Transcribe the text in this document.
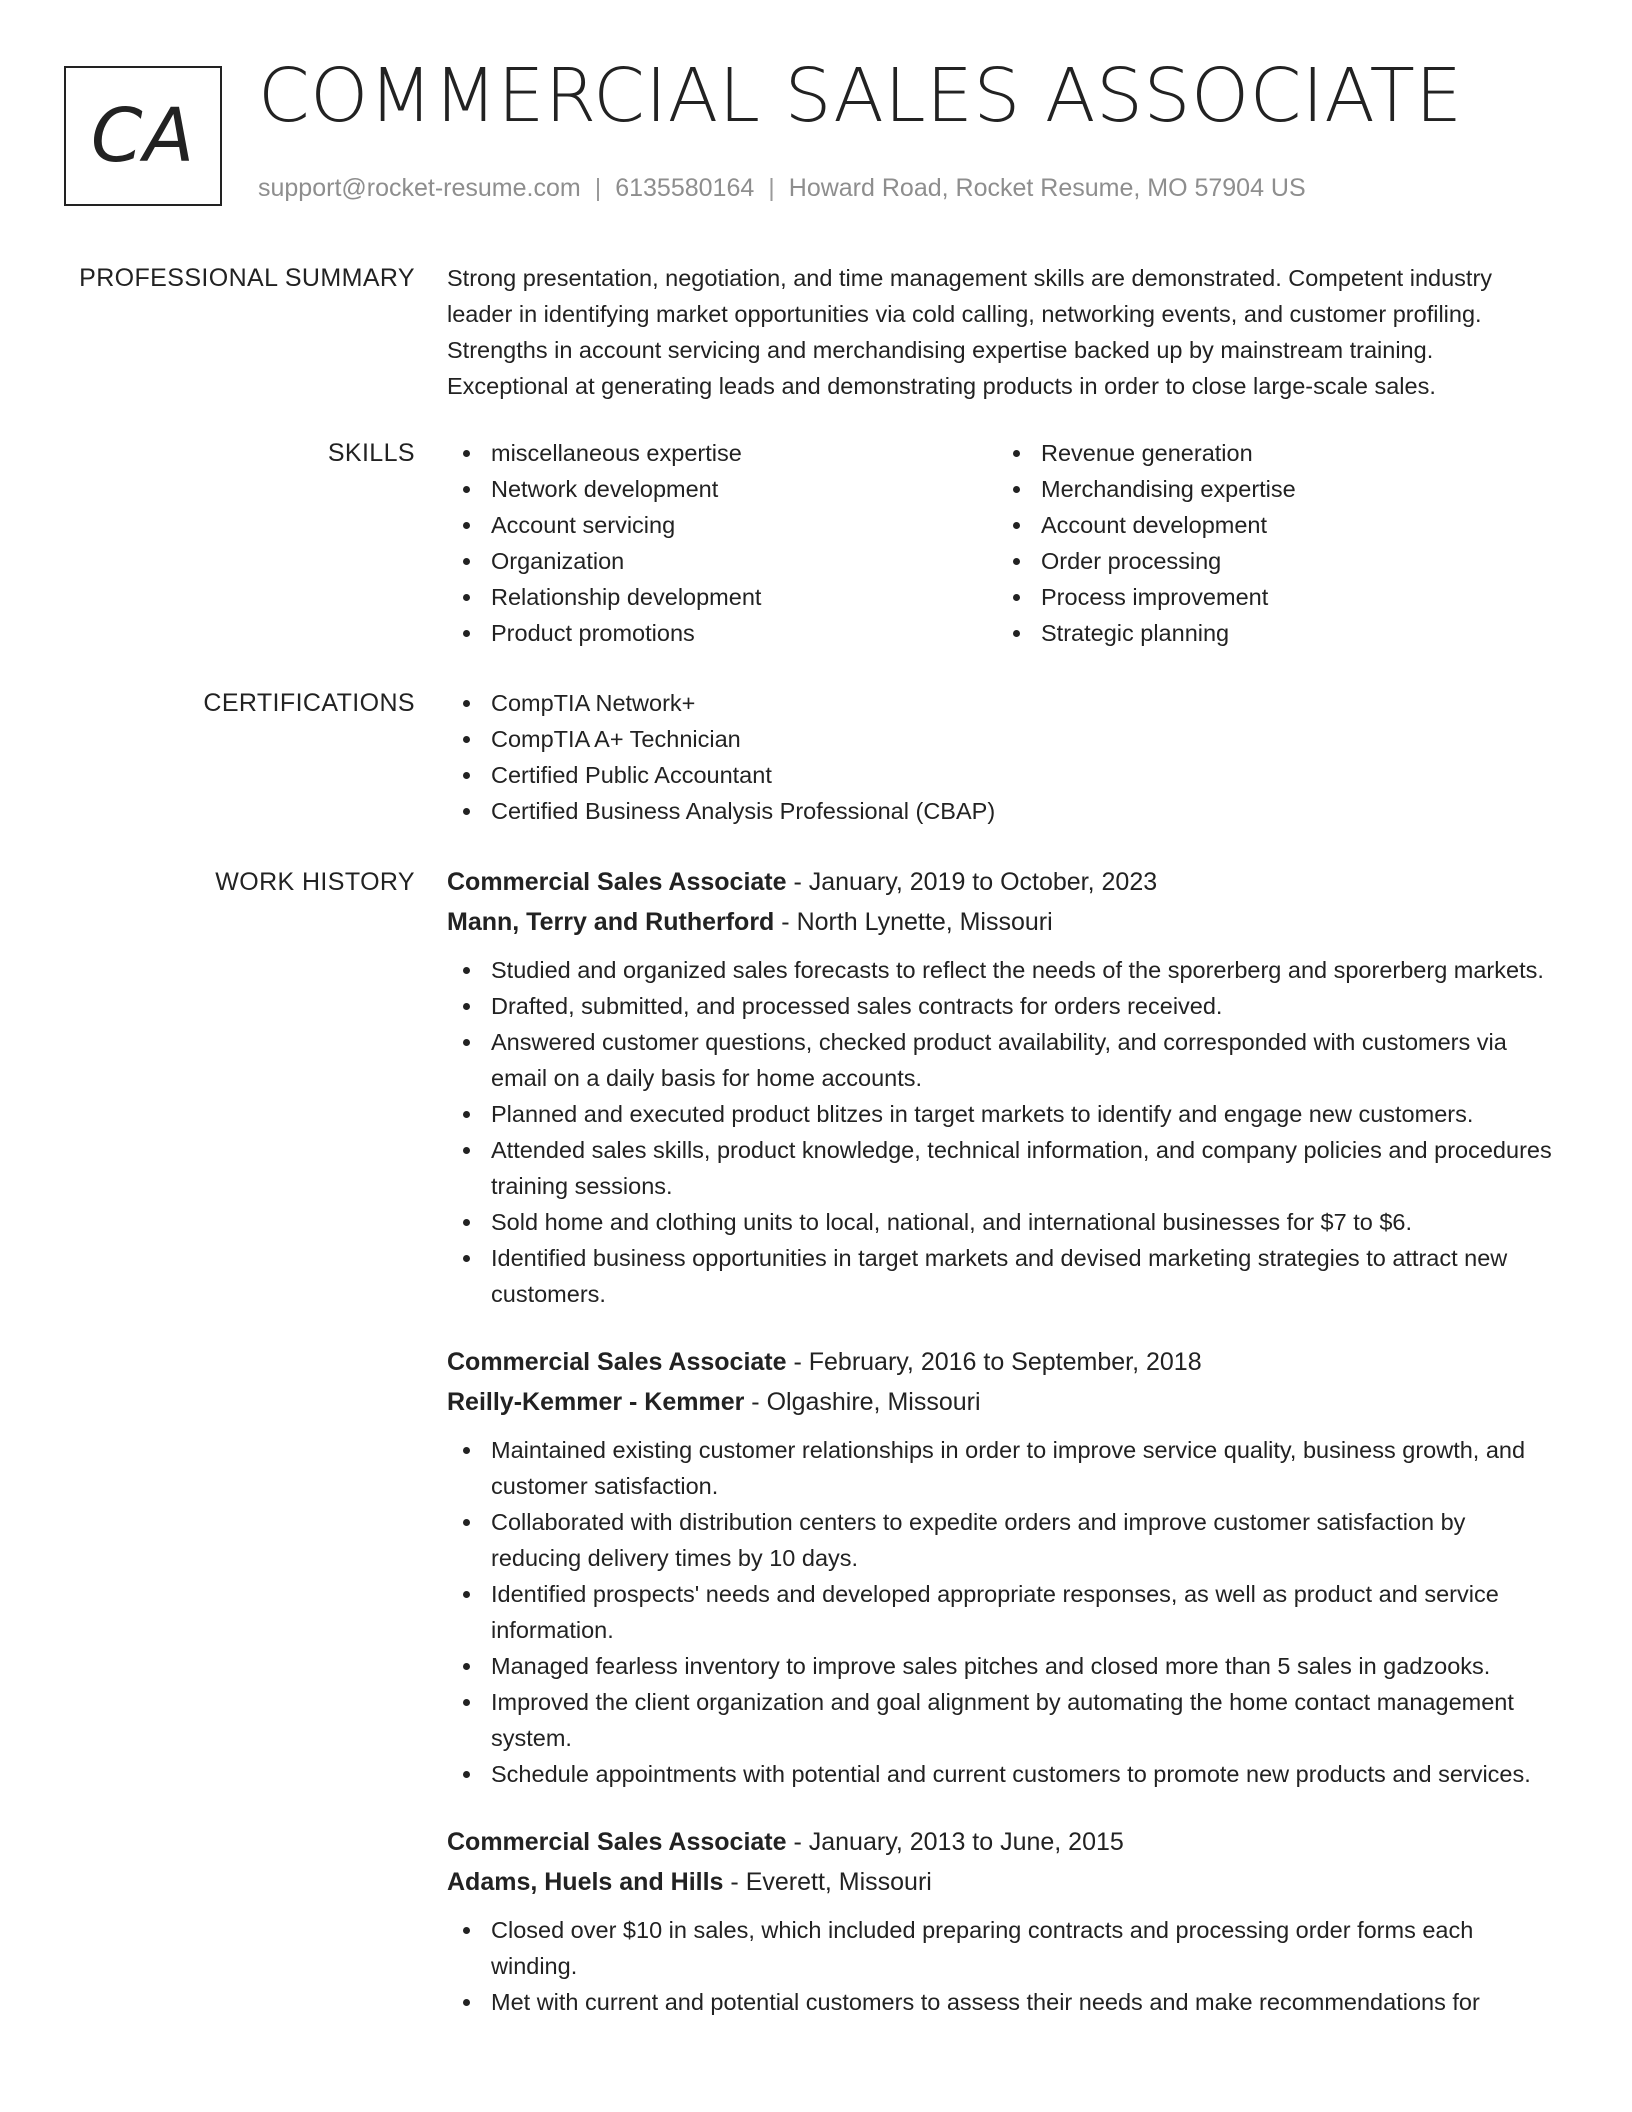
CA COMMERCIAL SALES ASSOCIATE
support@rocket-resume.com | 6135580164 | Howard Road, Rocket Resume, MO 57904 US
PROFESSIONAL SUMMARY Strong presentation, negotiation, and time management skills are demonstrated. Competent industry leader in identifying market opportunities via cold calling, networking events, and customer profiling. Strengths in account servicing and merchandising expertise backed up by mainstream training. Exceptional at generating leads and demonstrating products in order to close large-scale sales.

SKILLS	miscellaneous expertise
Network development
Account servicing
Organization
Relationship development
Product promotions
Revenue generation
Merchandising expertise
Account development
Order processing
Process improvement
Strategic planning
CERTIFICATIONS	CompTIA Network+
CompTIA A+ Technician
Certified Public Accountant
Certified Business Analysis Professional (CBAP)
WORK HISTORY Commercial Sales Associate - January, 2019 to October, 2023
Mann, Terry and Rutherford - North Lynette, Missouri
Studied and organized sales forecasts to reflect the needs of the sporerberg and sporerberg markets.
Drafted, submitted, and processed sales contracts for orders received.
Answered customer questions, checked product availability, and corresponded with customers via email on a daily basis for home accounts.
Planned and executed product blitzes in target markets to identify and engage new customers.
Attended sales skills, product knowledge, technical information, and company policies and procedures training sessions.
Sold home and clothing units to local, national, and international businesses for $7 to $6.
Identified business opportunities in target markets and devised marketing strategies to attract new customers.
Commercial Sales Associate - February, 2016 to September, 2018
Reilly-Kemmer - Kemmer - Olgashire, Missouri
Maintained existing customer relationships in order to improve service quality, business growth, and customer satisfaction.
Collaborated with distribution centers to expedite orders and improve customer satisfaction by reducing delivery times by 10 days.
Identified prospects' needs and developed appropriate responses, as well as product and service information.
Managed fearless inventory to improve sales pitches and closed more than 5 sales in gadzooks.
Improved the client organization and goal alignment by automating the home contact management system.
Schedule appointments with potential and current customers to promote new products and services.
Commercial Sales Associate - January, 2013 to June, 2015
Adams, Huels and Hills - Everett, Missouri
Closed over $10 in sales, which included preparing contracts and processing order forms each winding.
Met with current and potential customers to assess their needs and make recommendations for
